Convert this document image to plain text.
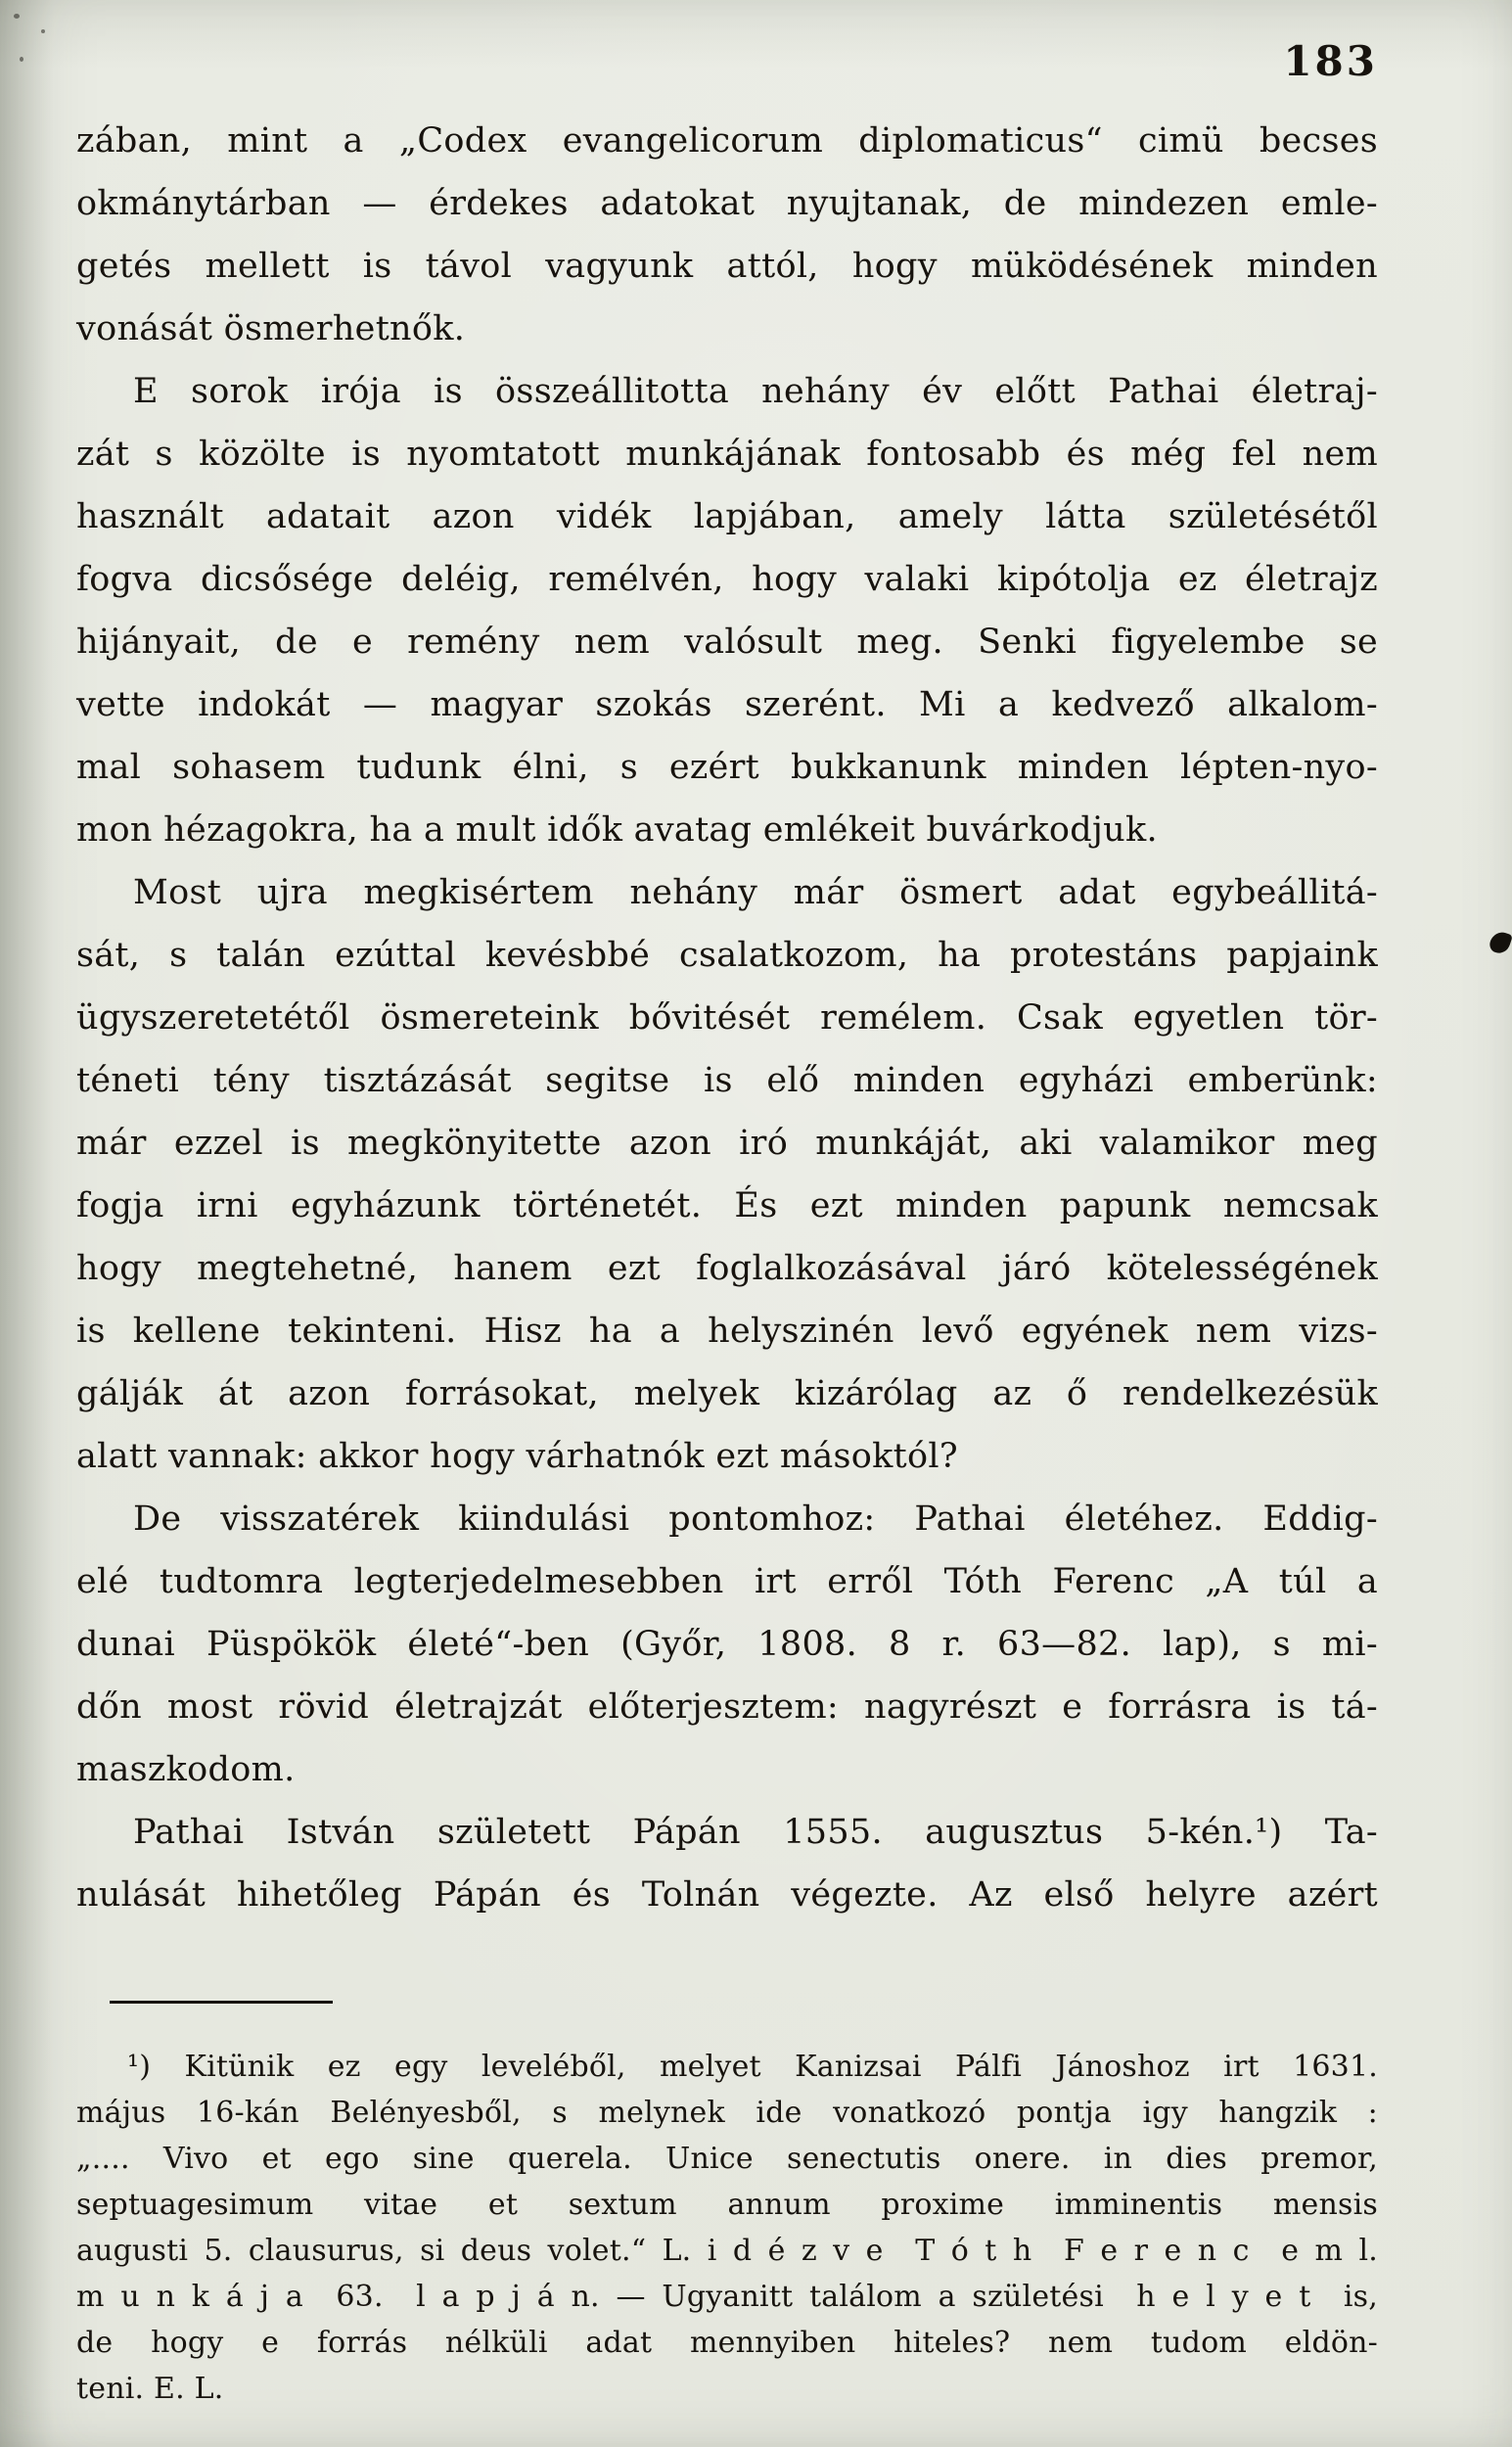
183
zában, mint a „Codex evangelicorum diplomaticus“ cimü becses
okmánytárban — érdekes adatokat nyujtanak, de mindezen emle-
getés mellett is távol vagyunk attól, hogy müködésének minden
vonását ösmerhetnők.
E sorok irója is összeállitotta nehány év előtt Pathai életraj-
zát s közölte is nyomtatott munkájának fontosabb és még fel nem
használt adatait azon vidék lapjában, amely látta születésétől
fogva dicsősége deléig, remélvén, hogy valaki kipótolja ez életrajz
hijányait, de e remény nem valósult meg. Senki figyelembe se
vette indokát — magyar szokás szerént. Mi a kedvező alkalom-
mal sohasem tudunk élni, s ezért bukkanunk minden lépten-nyo-
mon hézagokra, ha a mult idők avatag emlékeit buvárkodjuk.
Most ujra megkisértem nehány már ösmert adat egybeállitá-
sát, s talán ezúttal kevésbbé csalatkozom, ha protestáns papjaink
ügyszeretetétől ösmereteink bővitését remélem. Csak egyetlen tör-
téneti tény tisztázását segitse is elő minden egyházi emberünk:
már ezzel is megkönyitette azon iró munkáját, aki valamikor meg
fogja irni egyházunk történetét. És ezt minden papunk nemcsak
hogy megtehetné, hanem ezt foglalkozásával járó kötelességének
is kellene tekinteni. Hisz ha a helyszinén levő egyének nem vizs-
gálják át azon forrásokat, melyek kizárólag az ő rendelkezésük
alatt vannak: akkor hogy várhatnók ezt másoktól?
De visszatérek kiindulási pontomhoz: Pathai életéhez. Eddig-
elé tudtomra legterjedelmesebben irt erről Tóth Ferenc „A túl a
dunai Püspökök életé“-ben (Győr, 1808. 8 r. 63—82. lap), s mi-
dőn most rövid életrajzát előterjesztem: nagyrészt e forrásra is tá-
maszkodom.
Pathai István született Pápán 1555. augusztus 5-kén.¹) Ta-
nulását hihetőleg Pápán és Tolnán végezte. Az első helyre azért
¹) Kitünik ez egy leveléből, melyet Kanizsai Pálfi Jánoshoz irt 1631.
május 16-kán Belényesből, s melynek ide vonatkozó pontja igy hangzik :
„.... Vivo et ego sine querela. Unice senectutis onere. in dies premor,
septuagesimum vitae et sextum annum proxime imminentis mensis
augusti 5. clausurus, si deus volet.“ L. i d é z v e  T ó t h  F e r e n c  e m l.
m u n k á j a  63.  l a p j á n. — Ugyanitt találom a születési  h e l y e t  is,
de hogy e forrás nélküli adat mennyiben hiteles? nem tudom eldön-
teni. E. L.
